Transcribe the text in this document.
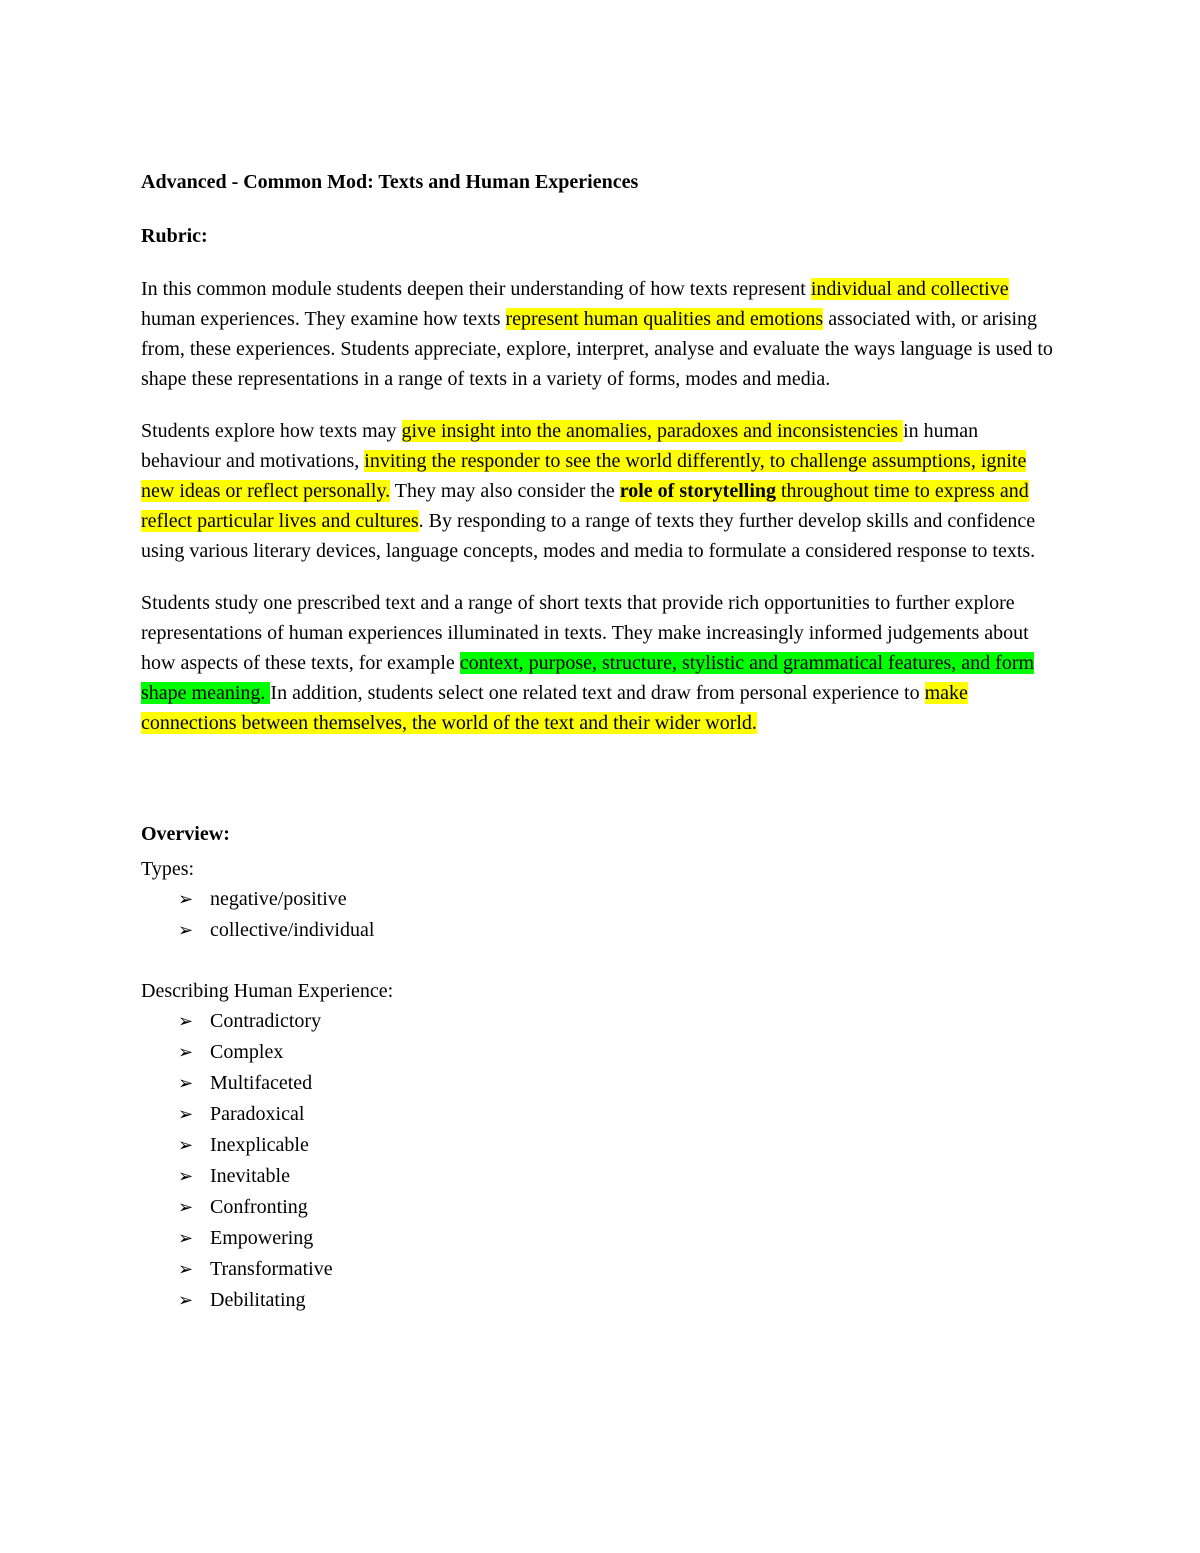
Advanced - Common Mod: Texts and Human Experiences

Rubric:

In this common module students deepen their understanding of how texts represent individual and collective human experiences. They examine how texts represent human qualities and emotions associated with, or arising from, these experiences. Students appreciate, explore, interpret, analyse and evaluate the ways language is used to shape these representations in a range of texts in a variety of forms, modes and media.

Students explore how texts may give insight into the anomalies, paradoxes and inconsistencies in human behaviour and motivations, inviting the responder to see the world differently, to challenge assumptions, ignite new ideas or reflect personally. They may also consider the role of storytelling throughout time to express and reflect particular lives and cultures. By responding to a range of texts they further develop skills and confidence using various literary devices, language concepts, modes and media to formulate a considered response to texts.

Students study one prescribed text and a range of short texts that provide rich opportunities to further explore representations of human experiences illuminated in texts. They make increasingly informed judgements about how aspects of these texts, for example context, purpose, structure, stylistic and grammatical features, and form shape meaning. In addition, students select one related text and draw from personal experience to make connections between themselves, the world of the text and their wider world.

Overview:

Types:

➢ negative/positive
➢ collective/individual

Describing Human Experience:

➢ Contradictory
➢ Complex
➢ Multifaceted
➢ Paradoxical
➢ Inexplicable
➢ Inevitable
➢ Confronting
➢ Empowering
➢ Transformative
➢ Debilitating
